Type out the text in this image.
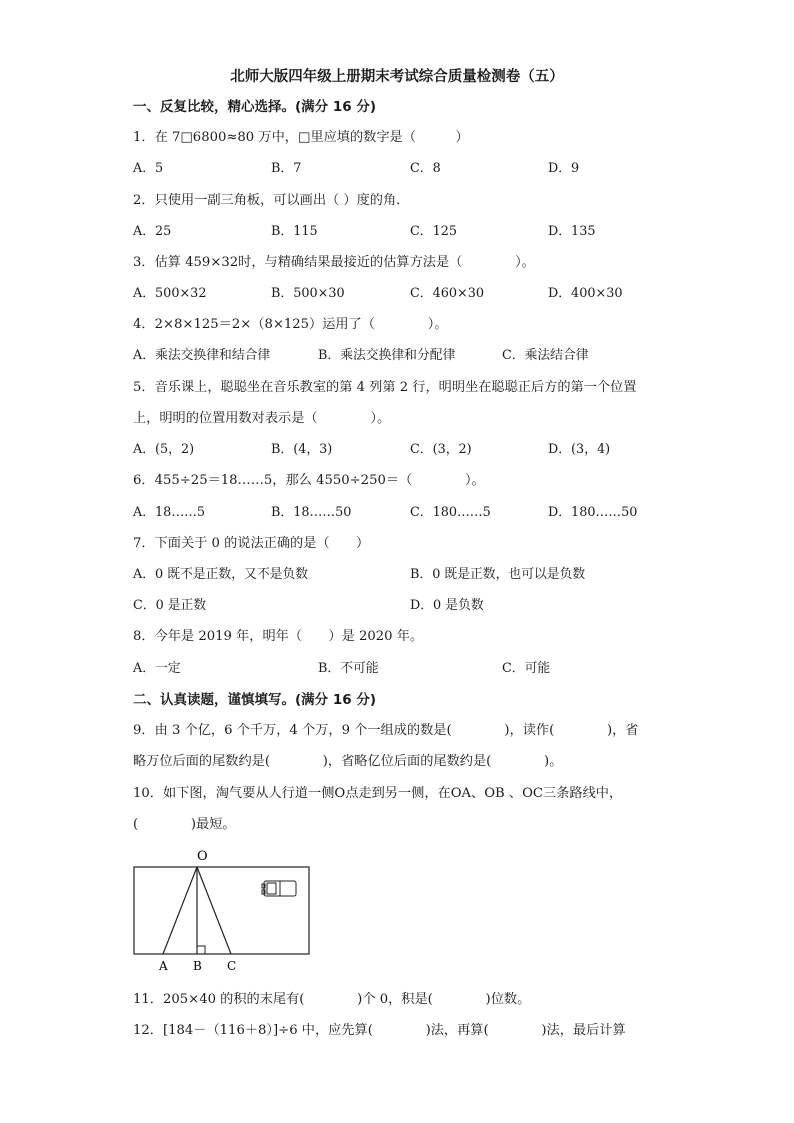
北师大版四年级上册期末考试综合质量检测卷（五）
一、反复比较，精心选择。(满分 16 分)
1．在 7□6800≈80 万中，□里应填的数字是（　　　）
A．5	B．7	C．8	D．9
2．只使用一副三角板，可以画出（ ）度的角．
A．25	B．115	C．125	D．135
3．估算 459×32时，与精确结果最接近的估算方法是（　　　　）。
A．500×32	B．500×30	C．460×30	D．400×30
4．2×8×125＝2×（8×125）运用了（　　　　）。
A．乘法交换律和结合律	B．乘法交换律和分配律	C．乘法结合律
5．音乐课上，聪聪坐在音乐教室的第 4 列第 2 行，明明坐在聪聪正后方的第一个位置
上，明明的位置用数对表示是（　　　　）。
A．(5，2)	B．(4，3)	C．(3，2)	D．(3，4)
6．455÷25＝18……5，那么 4550÷250＝（　　　　）。
A．18……5	B．18……50	C．180……5	D．180……50
7．下面关于 0 的说法正确的是（　　）
A．0 既不是正数，又不是负数	B．0 既是正数，也可以是负数
C．0 是正数	D．0 是负数
8．今年是 2019 年，明年（　　）是 2020 年。
A．一定	B．不可能	C．可能
二、认真读题，谨慎填写。(满分 16 分)
9．由 3 个亿，6 个千万，4 个万，9 个一组成的数是(　　　　)，读作(　　　　)，省
略万位后面的尾数约是(　　　　)，省略亿位后面的尾数约是(　　　　)。
10．如下图，淘气要从人行道一侧O点走到另一侧，在OA、OB 、OC三条路线中，
(　　　　)最短。
O
A B C
11．205×40 的积的末尾有(　　　　)个 0，积是(　　　　)位数。
12．[184－（116＋8）]÷6 中，应先算(　　　　)法，再算(　　　　)法，最后计算
